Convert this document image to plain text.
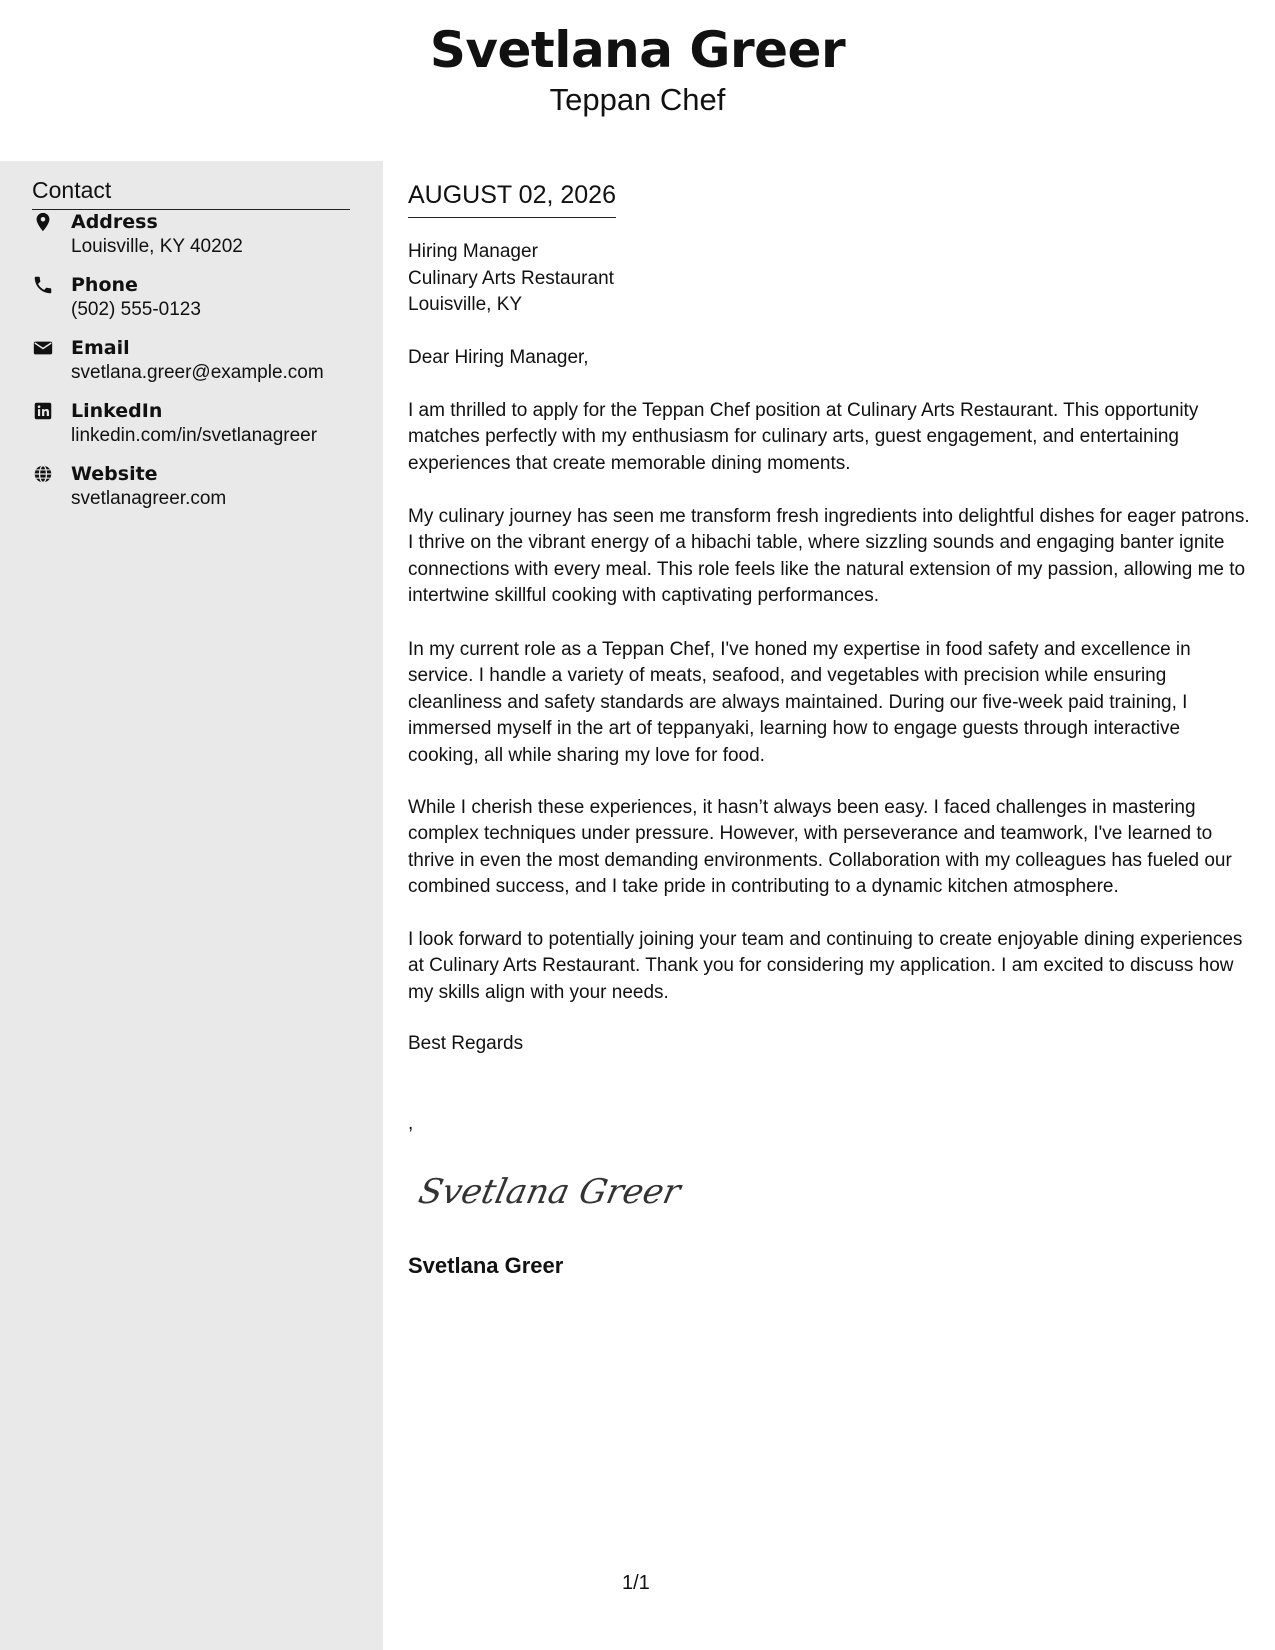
Svetlana Greer
Teppan Chef
Contact
Address
Louisville, KY 40202
Phone
(502) 555-0123
Email
svetlana.greer@example.com
LinkedIn
linkedin.com/in/svetlanagreer
Website
svetlanagreer.com
AUGUST 02, 2026
Hiring Manager
Culinary Arts Restaurant
Louisville, KY
Dear Hiring Manager,
I am thrilled to apply for the Teppan Chef position at Culinary Arts Restaurant. This opportunity matches perfectly with my enthusiasm for culinary arts, guest engagement, and entertaining experiences that create memorable dining moments.
My culinary journey has seen me transform fresh ingredients into delightful dishes for eager patrons. I thrive on the vibrant energy of a hibachi table, where sizzling sounds and engaging banter ignite connections with every meal. This role feels like the natural extension of my passion, allowing me to intertwine skillful cooking with captivating performances.
In my current role as a Teppan Chef, I've honed my expertise in food safety and excellence in service. I handle a variety of meats, seafood, and vegetables with precision while ensuring cleanliness and safety standards are always maintained. During our five-week paid training, I immersed myself in the art of teppanyaki, learning how to engage guests through interactive cooking, all while sharing my love for food.
While I cherish these experiences, it hasn’t always been easy. I faced challenges in mastering complex techniques under pressure. However, with perseverance and teamwork, I've learned to thrive in even the most demanding environments. Collaboration with my colleagues has fueled our combined success, and I take pride in contributing to a dynamic kitchen atmosphere.
I look forward to potentially joining your team and continuing to create enjoyable dining experiences at Culinary Arts Restaurant. Thank you for considering my application. I am excited to discuss how my skills align with your needs.
Best Regards
,
Svetlana Greer
Svetlana Greer
1/1
